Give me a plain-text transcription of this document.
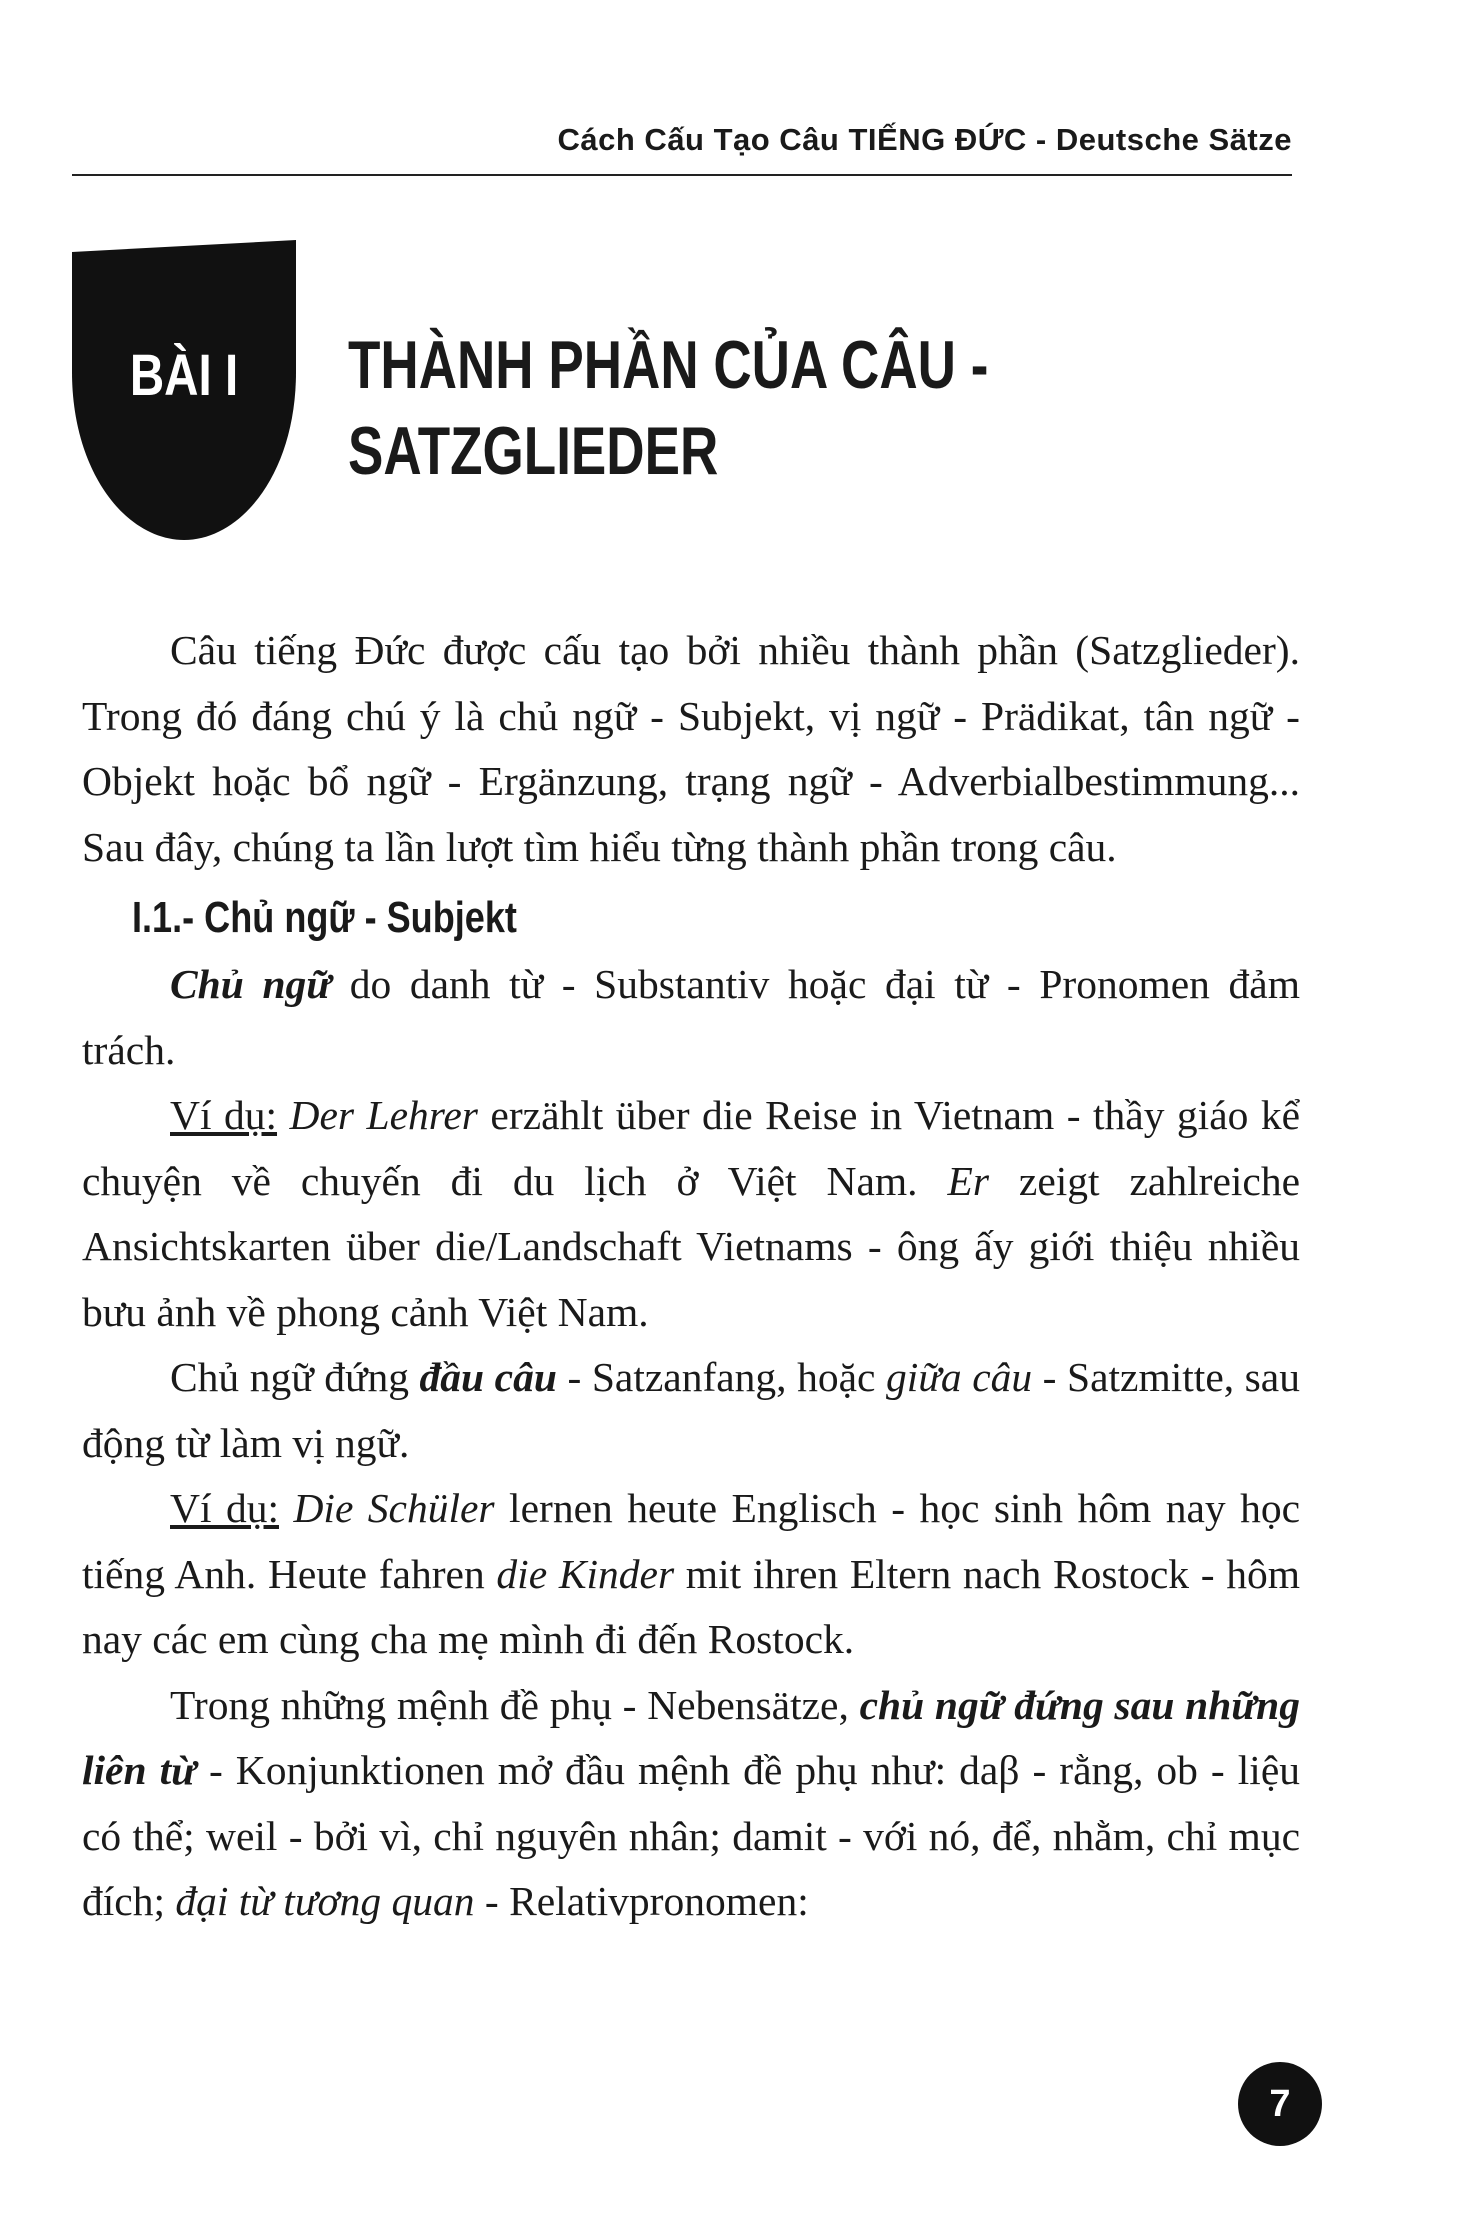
Cách Cấu Tạo Câu TIẾNG ĐỨC - Deutsche Sätze
BÀI I	THÀNH PHẦN CỦA CÂU -
SATZGLIEDER

Câu tiếng Đức được cấu tạo bởi nhiều thành phần (Satzglieder). Trong đó đáng chú ý là chủ ngữ - Subjekt, vị ngữ - Prädikat, tân ngữ - Objekt hoặc bổ ngữ - Ergänzung, trạng ngữ - Adverbialbestimmung... Sau đây, chúng ta lần lượt tìm hiểu từng thành phần trong câu.

I.1.- Chủ ngữ - Subjekt

Chủ ngữ do danh từ - Substantiv hoặc đại từ - Pronomen đảm trách.

Ví dụ: Der Lehrer erzählt über die Reise in Vietnam - thầy giáo kể chuyện về chuyến đi du lịch ở Việt Nam. Er zeigt zahlreiche Ansichtskarten über die/Landschaft Vietnams - ông ấy giới thiệu nhiều bưu ảnh về phong cảnh Việt Nam.

Chủ ngữ đứng đầu câu - Satzanfang, hoặc giữa câu - Satzmitte, sau động từ làm vị ngữ.

Ví dụ: Die Schüler lernen heute Englisch - học sinh hôm nay học tiếng Anh. Heute fahren die Kinder mit ihren Eltern nach Rostock - hôm nay các em cùng cha mẹ mình đi đến Rostock.

Trong những mệnh đề phụ - Nebensätze, chủ ngữ đứng sau những liên từ - Konjunktionen mở đầu mệnh đề phụ như: daβ - rằng, ob - liệu có thể; weil - bởi vì, chỉ nguyên nhân; damit - với nó, để, nhằm, chỉ mục đích; đại từ tương quan - Relativpronomen:

7
